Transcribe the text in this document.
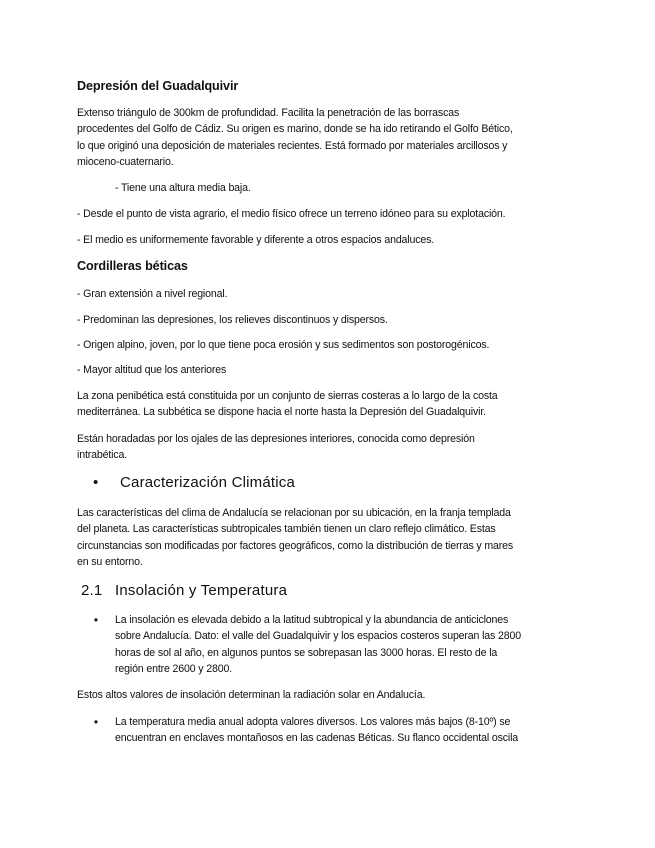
Depresión del Guadalquivir

Extenso triángulo de 300km de profundidad. Facilita la penetración de las borrascas

procedentes del Golfo de Cádiz. Su origen es marino, donde se ha ido retirando el Golfo Bético,

lo que originó una deposición de materiales recientes. Está formado por materiales arcillosos y

mioceno-cuaternario.

- Tiene una altura media baja.

- Desde el punto de vista agrario, el medio físico ofrece un terreno idóneo para su explotación.

- El medio es uniformemente favorable y diferente a otros espacios andaluces.

Cordilleras béticas

- Gran extensión a nivel regional.

- Predominan las depresiones, los relieves discontinuos y dispersos.

- Origen alpino, joven, por lo que tiene poca erosión y sus sedimentos son postorogénicos.

- Mayor altitud que los anteriores

La zona penibética está constituida por un conjunto de sierras costeras a lo largo de la costa

mediterránea. La subbética se dispone hacia el norte hasta la Depresión del Guadalquivir.

Están horadadas por los ojales de las depresiones interiores, conocida como depresión

intrabética.

• Caracterización Climática

Las características del clima de Andalucía se relacionan por su ubicación, en la franja templada

del planeta. Las características subtropicales también tienen un claro reflejo climático. Estas

circunstancias son modificadas por factores geográficos, como la distribución de tierras y mares

en su entorno.

2.1 Insolación y Temperatura
•	La insolación es elevada debido a la latitud subtropical y la abundancia de anticiclones

sobre Andalucía. Dato: el valle del Guadalquivir y los espacios costeros superan las 2800

horas de sol al año, en algunos puntos se sobrepasan las 3000 horas. El resto de la

región entre 2600 y 2800.

Estos altos valores de insolación determinan la radiación solar en Andalucía.

•	La temperatura media anual adopta valores diversos. Los valores más bajos (8-10º) se

encuentran en enclaves montañosos en las cadenas Béticas. Su flanco occidental oscila
